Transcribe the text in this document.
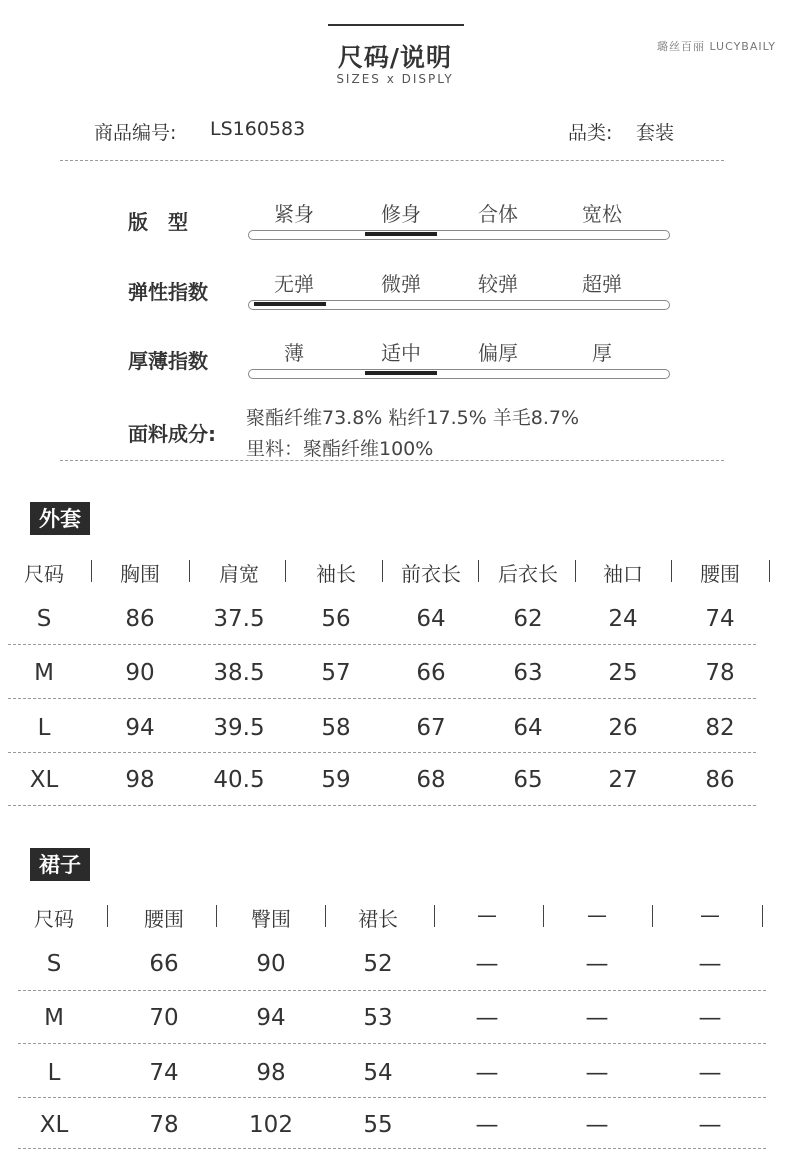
尺码/说明
SIZES x DISPLY
璐丝百丽 LUCYBAILY
商品编号: LS160583	品类: 套装
版　型	紧身	修身	合体	宽松
弹性指数	无弹	微弹	较弹	超弹
厚薄指数	薄	适中	偏厚	厚
面料成分:
聚酯纤维73.8% 粘纤17.5% 羊毛8.7%
里料：聚酯纤维100%
外套
尺码	胸围	肩宽	袖长	前衣长	后衣长	袖口	腰围
S	86	37.5	56	64	62	24	74
M	90	38.5	57	66	63	25	78
L	94	39.5	58	67	64	26	82
XL	98	40.5	59	68	65	27	86
裙子
尺码	腰围	臀围	裙长	—	—	—
S	66	90	52	—	—	—
M	70	94	53	—	—	—
L	74	98	54	—	—	—
XL	78	102	55	—	—	—
